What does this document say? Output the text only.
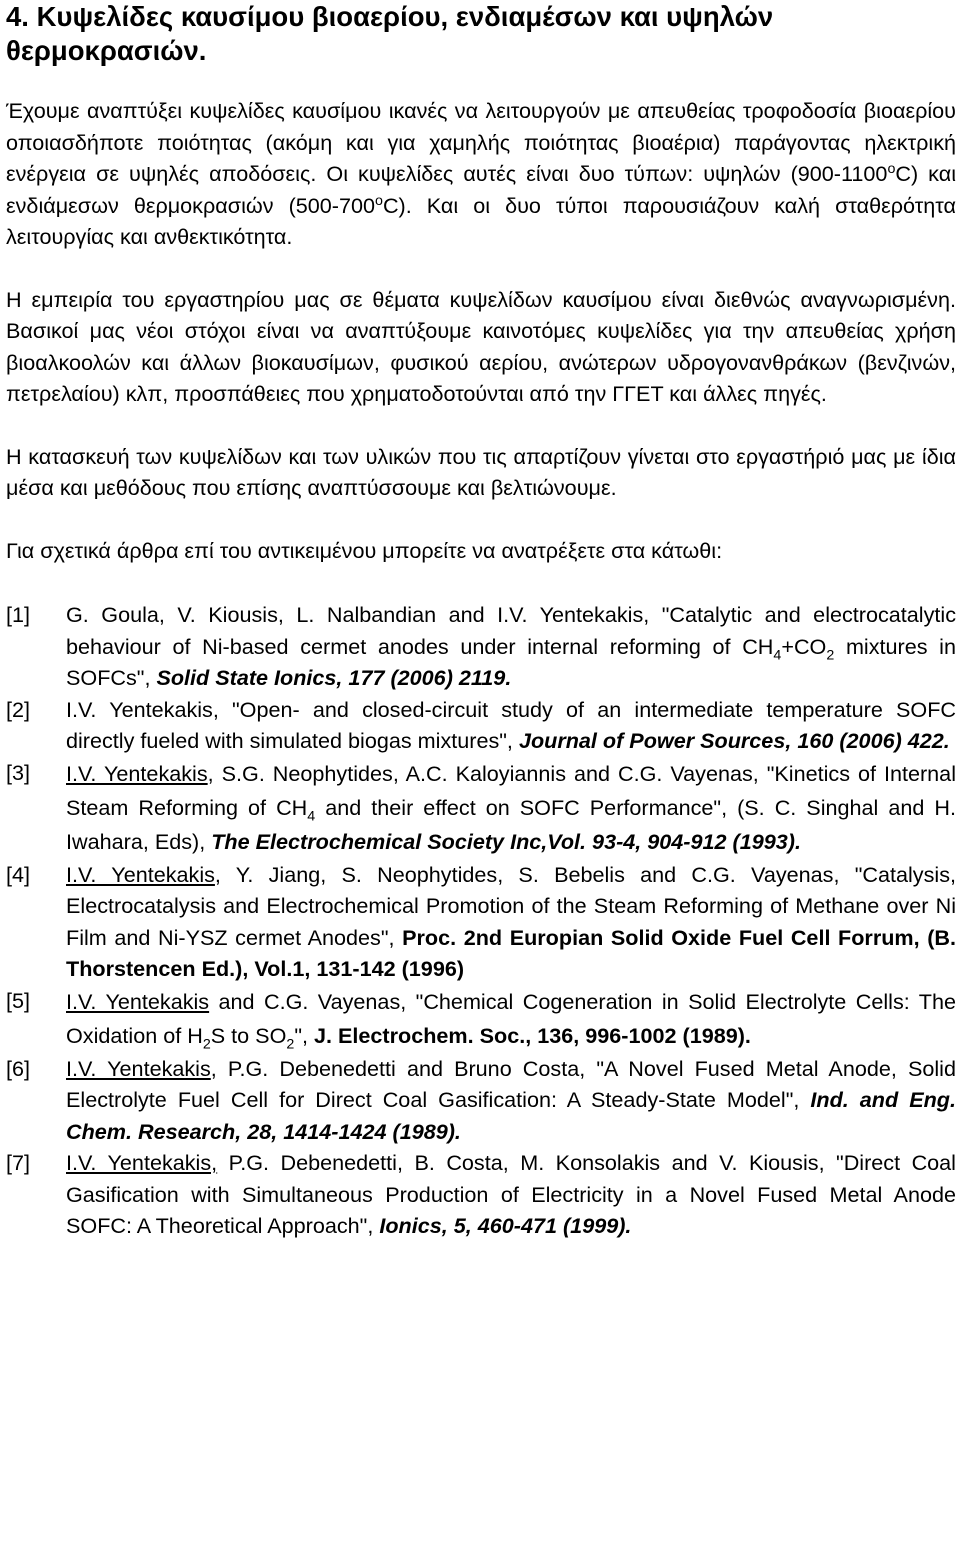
4. Κυψελίδες καυσίμου βιοαερίου, ενδιαμέσων και υψηλών θερμοκρασιών.

Έχουμε αναπτύξει κυψελίδες καυσίμου ικανές να λειτουργούν με απευθείας τροφοδοσία βιοαερίου οποιασδήποτε ποιότητας (ακόμη και για χαμηλής ποιότητας βιοαέρια) παράγοντας ηλεκτρική ενέργεια σε υψηλές αποδόσεις. Οι κυψελίδες αυτές είναι δυο τύπων: υψηλών (900-1100$^o$C) και ενδιάμεσων θερμοκρασιών (500-700$^o$C). Και οι δυο τύποι παρουσιάζουν καλή σταθερότητα λειτουργίας και ανθεκτικότητα.

Η εμπειρία του εργαστηρίου μας σε θέματα κυψελίδων καυσίμου είναι διεθνώς αναγνωρισμένη. Βασικοί μας νέοι στόχοι είναι να αναπτύξουμε καινοτόμες κυψελίδες για την απευθείας χρήση βιοαλκοολών και άλλων βιοκαυσίμων, φυσικού αερίου, ανώτερων υδρογονανθράκων (βενζινών, πετρελαίου) κλπ, προσπάθειες που χρηματοδοτούνται από την ΓΓΕΤ και άλλες πηγές.

Η κατασκευή των κυψελίδων και των υλικών που τις απαρτίζουν γίνεται στο εργαστήριό μας με ίδια μέσα και μεθόδους που επίσης αναπτύσσουμε και βελτιώνουμε.

Για σχετικά άρθρα επί του αντικειμένου μπορείτε να ανατρέξετε στα κάτωθι:

[1]	G. Goula, V. Kiousis, L. Nalbandian and I.V. Yentekakis, "Catalytic and electrocatalytic behaviour of Ni-based cermet anodes under internal reforming of $CH_4+CO_2$ mixtures in SOFCs", Solid State Ionics, 177 (2006) 2119.
[2]	I.V. Yentekakis, "Open- and closed-circuit study of an intermediate temperature SOFC directly fueled with simulated biogas mixtures", Journal of Power Sources, 160 (2006) 422.
[3]	I.V. Yentekakis, S.G. Neophytides, A.C. Kaloyiannis and C.G. Vayenas, "Kinetics of Internal Steam Reforming of $CH_4$ and their effect on SOFC Performance", (S. C. Singhal and H. Iwahara, Eds), The Electrochemical Society Inc,Vol. 93-4, 904-912 (1993).
[4]	I.V. Yentekakis, Y. Jiang, S. Neophytides, S. Bebelis and C.G. Vayenas, "Catalysis, Electrocatalysis and Electrochemical Promotion of the Steam Reforming of Methane over Ni Film and Ni-YSZ cermet Anodes", Proc. 2nd Europian Solid Oxide Fuel Cell Forrum, (B. Thorstencen Ed.), Vol.1, 131-142 (1996)
[5]	I.V. Yentekakis and C.G. Vayenas, "Chemical Cogeneration in Solid Electrolyte Cells: The Oxidation of $H_2S$ to $SO_2$", J. Electrochem. Soc., 136, 996-1002 (1989).
[6]	I.V. Yentekakis, P.G. Debenedetti and Bruno Costa, "A Novel Fused Metal Anode, Solid Electrolyte Fuel Cell for Direct Coal Gasification: A Steady-State Model", Ind. and Eng. Chem. Research, 28, 1414-1424 (1989).
[7]	I.V. Yentekakis, P.G. Debenedetti, B. Costa, M. Konsolakis and V. Kiousis, "Direct Coal Gasification with Simultaneous Production of Electricity in a Novel Fused Metal Anode SOFC: A Theoretical Approach", Ionics, 5, 460-471 (1999).
